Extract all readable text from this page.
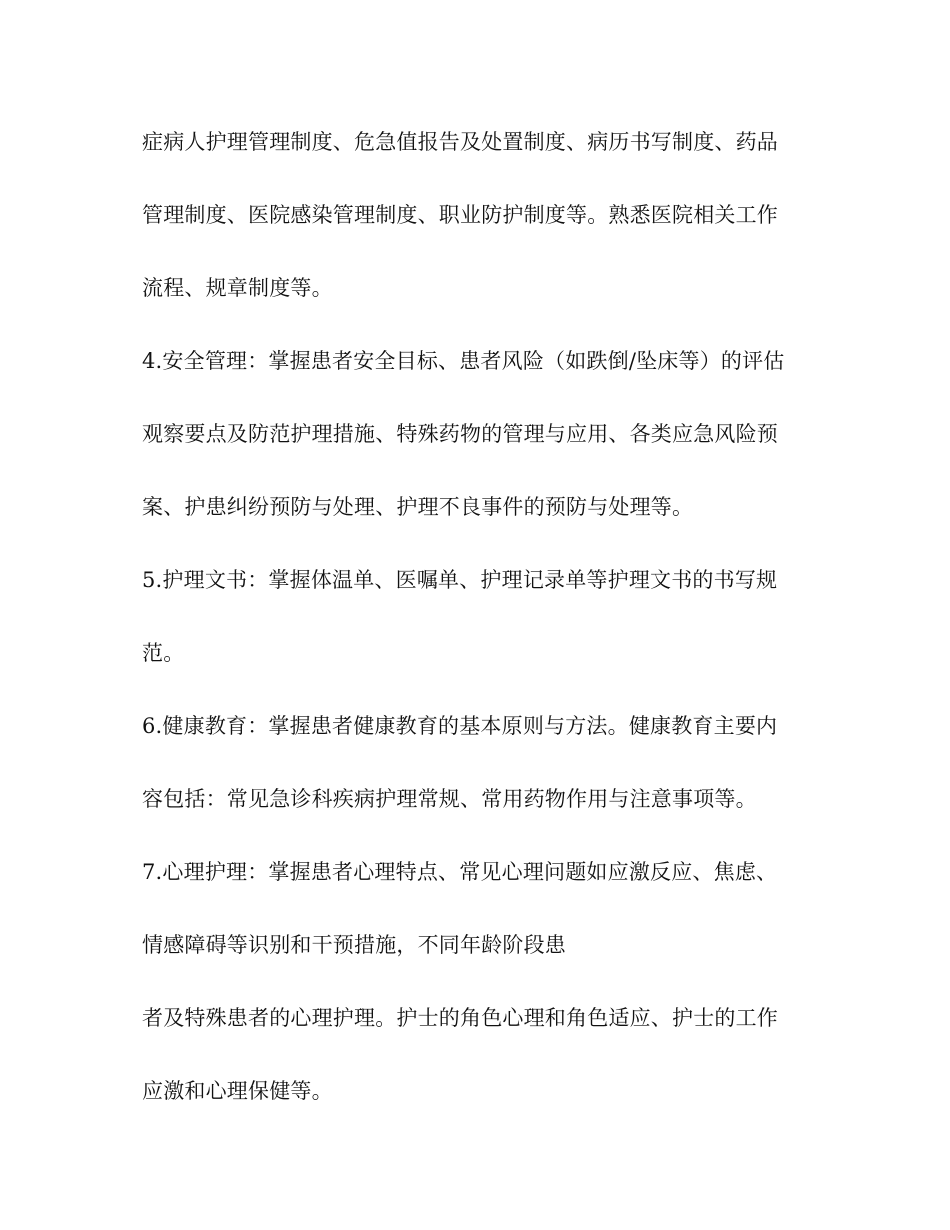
症病人护理管理制度、危急值报告及处置制度、病历书写制度、药品
管理制度、医院感染管理制度、职业防护制度等。熟悉医院相关工作
流程、规章制度等。
4.安全管理：掌握患者安全目标、患者风险（如跌倒/坠床等）的评估
观察要点及防范护理措施、特殊药物的管理与应用、各类应急风险预
案、护患纠纷预防与处理、护理不良事件的预防与处理等。
5.护理文书：掌握体温单、医嘱单、护理记录单等护理文书的书写规
范。
6.健康教育：掌握患者健康教育的基本原则与方法。健康教育主要内
容包括：常见急诊科疾病护理常规、常用药物作用与注意事项等。
7.心理护理：掌握患者心理特点、常见心理问题如应激反应、焦虑、
情感障碍等识别和干预措施，不同年龄阶段患
者及特殊患者的心理护理。护士的角色心理和角色适应、护士的工作
应激和心理保健等。
